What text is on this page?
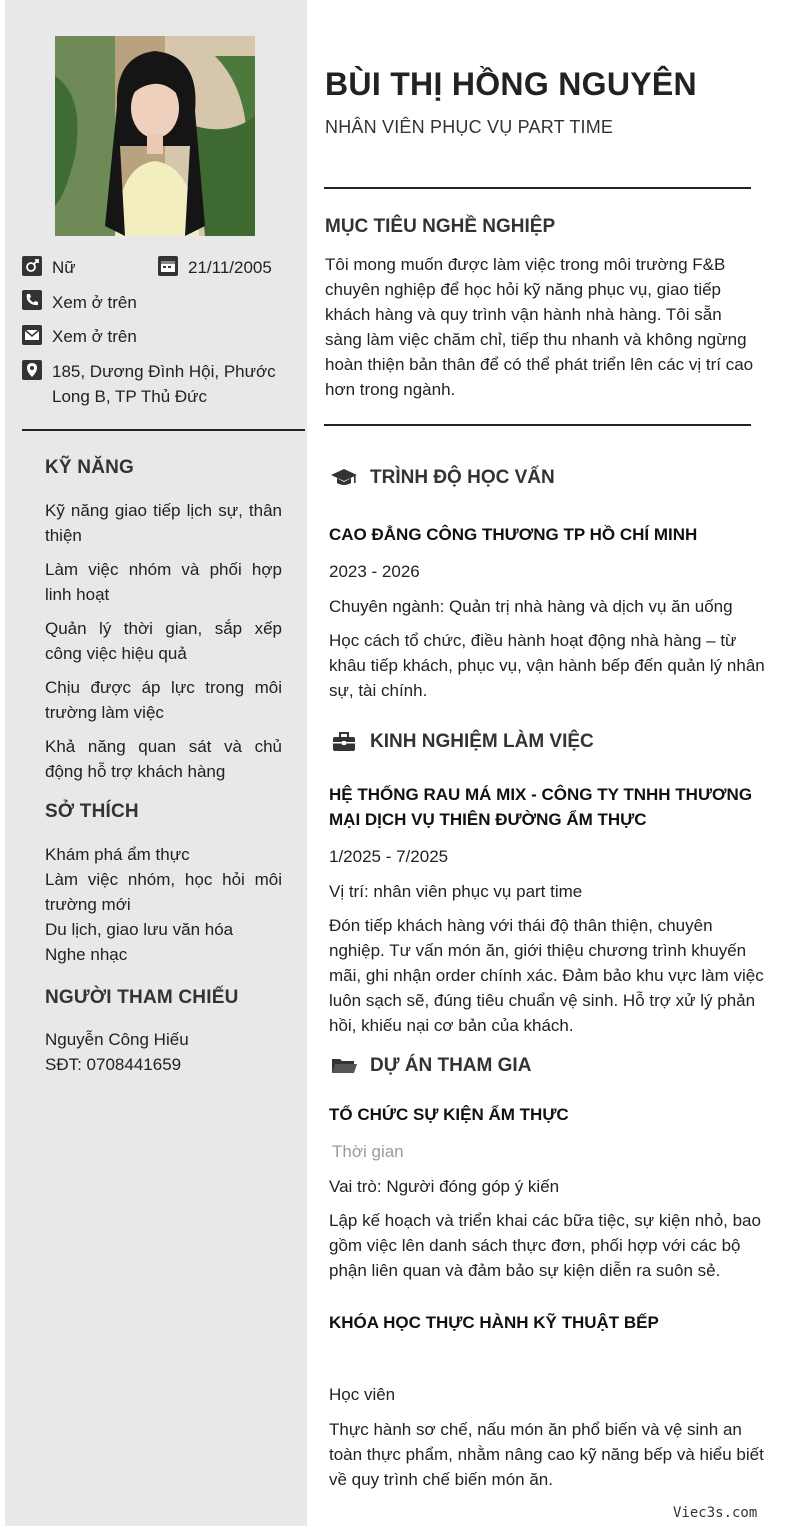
Nữ	21/11/2005
Xem ở trên
Xem ở trên
185, Dương Đình Hội, Phước Long B, TP Thủ Đức
KỸ NĂNG
Kỹ năng giao tiếp lịch sự, thân thiện
Làm việc nhóm và phối hợp linh hoạt
Quản lý thời gian, sắp xếp công việc hiệu quả
Chịu được áp lực trong môi trường làm việc
Khả năng quan sát và chủ động hỗ trợ khách hàng
SỞ THÍCH
Khám phá ẩm thực
Làm việc nhóm, học hỏi môi trường mới
Du lịch, giao lưu văn hóa
Nghe nhạc
NGƯỜI THAM CHIẾU
Nguyễn Công Hiếu
SĐT: 0708441659
BÙI THỊ HỒNG NGUYÊN
NHÂN VIÊN PHỤC VỤ PART TIME
MỤC TIÊU NGHỀ NGHIỆP
Tôi mong muốn được làm việc trong môi trường F&B chuyên nghiệp để học hỏi kỹ năng phục vụ, giao tiếp khách hàng và quy trình vận hành nhà hàng. Tôi sẵn sàng làm việc chăm chỉ, tiếp thu nhanh và không ngừng hoàn thiện bản thân để có thể phát triển lên các vị trí cao hơn trong ngành.
TRÌNH ĐỘ HỌC VẤN
CAO ĐẲNG CÔNG THƯƠNG TP HỒ CHÍ MINH
2023 - 2026
Chuyên ngành: Quản trị nhà hàng và dịch vụ ăn uống
Học cách tổ chức, điều hành hoạt động nhà hàng – từ khâu tiếp khách, phục vụ, vận hành bếp đến quản lý nhân sự, tài chính.
KINH NGHIỆM LÀM VIỆC
HỆ THỐNG RAU MÁ MIX - CÔNG TY TNHH THƯƠNG MẠI DỊCH VỤ THIÊN ĐƯỜNG ẨM THỰC
1/2025 - 7/2025
Vị trí: nhân viên phục vụ part time
Đón tiếp khách hàng với thái độ thân thiện, chuyên nghiệp. Tư vấn món ăn, giới thiệu chương trình khuyến mãi, ghi nhận order chính xác. Đảm bảo khu vực làm việc luôn sạch sẽ, đúng tiêu chuẩn vệ sinh. Hỗ trợ xử lý phản hồi, khiếu nại cơ bản của khách.
DỰ ÁN THAM GIA
TỔ CHỨC SỰ KIỆN ẨM THỰC
Thời gian
Vai trò: Người đóng góp ý kiến
Lập kế hoạch và triển khai các bữa tiệc, sự kiện nhỏ, bao gồm việc lên danh sách thực đơn, phối hợp với các bộ phận liên quan và đảm bảo sự kiện diễn ra suôn sẻ.
KHÓA HỌC THỰC HÀNH KỸ THUẬT BẾP
Học viên
Thực hành sơ chế, nấu món ăn phổ biến và vệ sinh an toàn thực phẩm, nhằm nâng cao kỹ năng bếp và hiểu biết về quy trình chế biến món ăn.
Viec3s.com
